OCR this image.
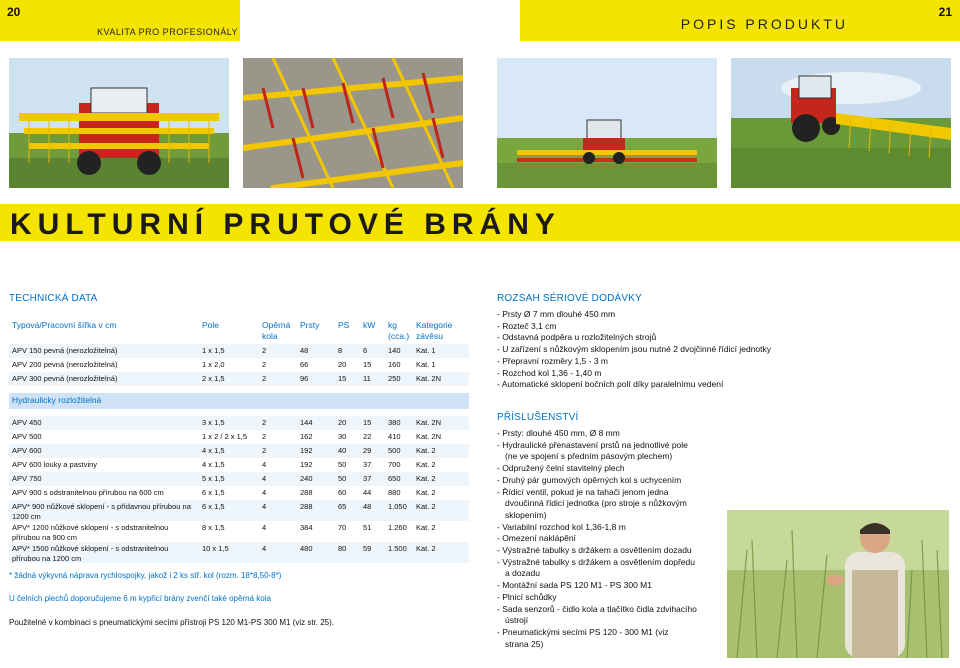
20
KVALITA PRO PROFESIONÁLY	POPIS PRODUKTU
21
KULTURNÍ PRUTOVÉ BRÁNY
TECHNICKÁ DATA
Typová/Pracovní šířka v cm	Pole	Opěrná kola	Prsty	PS	kW	kg (cca.)	Kategorie závěsu
APV 150 pevná (nerozložitelná)	1 x 1,5	2	48	8	6	140	Kat. 1
APV 200 pevná (nerozložitelná)	1 x 2,0	2	66	20	15	160	Kat. 1
APV 300 pevná (nerozložitelná)	2 x 1,5	2	96	15	11	250	Kat. 2N

Hydraulicky rozložitelná							

APV 450	3 x 1,5	2	144	20	15	380	Kat. 2N
APV 500	1 x 2 / 2 x 1,5	2	162	30	22	410	Kat. 2N
APV 600	4 x 1,5	2	192	40	29	500	Kat. 2
APV 600 louky a pastviny	4 x 1,5	4	192	50	37	700	Kat. 2
APV 750	5 x 1,5	4	240	50	37	650	Kat. 2
APV 900 s odstranitelnou přírubou na 600 cm	6 x 1,5	4	288	60	44	880	Kat. 2
APV* 900 nůžkové sklopení - s přídavnou přírubou na 1200 cm	6 x 1,5	4	288	65	48	1.050	Kat. 2
APV* 1200 nůžkové sklopení - s odstranitelnou přírubou na 900 cm	8 x 1,5	4	384	70	51	1.260	Kat. 2
APV* 1500 nůžkové sklopení - s odstranitelnou přírubou na 1200 cm	10 x 1,5	4	480	80	59	1.500	Kat. 2
* žádná výkyvná náprava rychlospojky, jakož i 2 ks stř. kol (rozm. 18*8,50-8*)
U čelních plechů doporučujeme 6 m kypřicí brány zvenčí také opěrná kola
Použitelné v kombinaci s pneumatickými secími přístroji PS 120 M1-PS 300 M1 (viz str. 25).
ROZSAH SÉRIOVÉ DODÁVKY
- Prsty Ø 7 mm dlouhé 450 mm
- Rozteč 3,1 cm
- Odstavná podpěra u rozložitelných strojů
- U zařízení s nůžkovým sklopením jsou nutné 2 dvojčinné řídicí jednotky
- Přepravní rozměry 1,5 - 3 m
- Rozchod kol 1,36 - 1,40 m
- Automatické sklopení bočních polí díky paralelnímu vedení
PŘÍSLUŠENSTVÍ
- Prsty: dlouhé 450 mm, Ø 8 mm
- Hydraulické přenastavení prstů na jednotlivé pole
(ne ve spojení s předním pásovým plechem)
- Odpružený čelní stavitelný plech
- Druhý pár gumových opěrných kol s uchycením
- Řídicí ventil, pokud je na tahači jenom jedna
dvoučinná řídicí jednotka (pro stroje s nůžkovým
sklopením)
- Variabilní rozchod kol 1,36-1,8 m
- Omezení naklápění
- Výstražné tabulky s držákem a osvětlením dozadu
- Výstražné tabulky s držákem a osvětlením dopředu
a dozadu
- Montážní sada PS 120 M1 - PS 300 M1
- Plnicí schůdky
- Sada senzorů - čidlo kola a tlačítko čidla zdvihacího
ústrojí
- Pneumatickými secími PS 120 - 300 M1 (viz
strana 25)
